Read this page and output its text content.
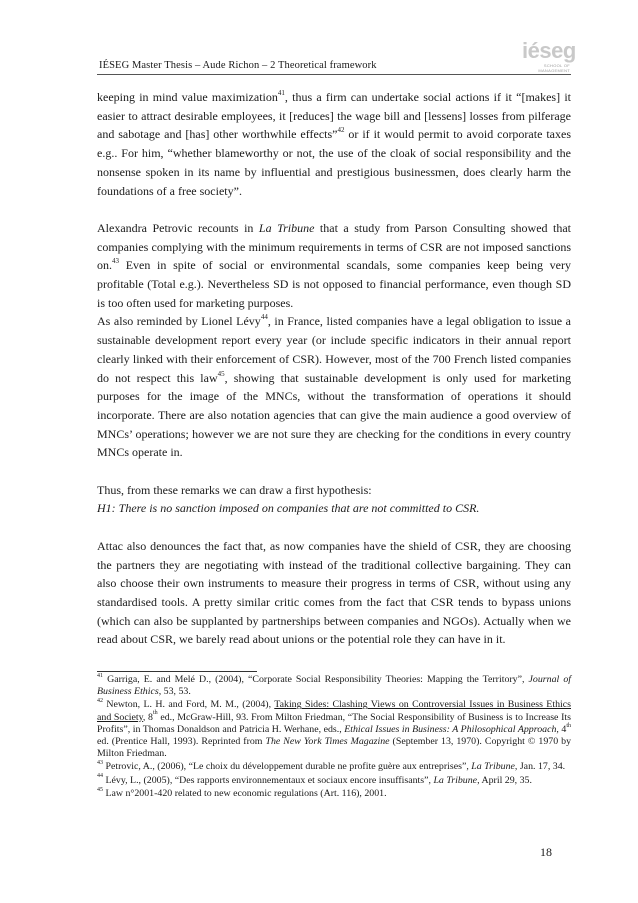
IÉSEG Master Thesis – Aude Richon – 2 Theoretical framework
iéseg
SCHOOL OF MANAGEMENT

keeping in mind value maximization$^{41}$, thus a firm can undertake social actions if it “[makes] it easier to attract desirable employees, it [reduces] the wage bill and [lessens] losses from pilferage and sabotage and [has] other worthwhile effects”$^{42}$ or if it would permit to avoid corporate taxes e.g.. For him, “whether blameworthy or not, the use of the cloak of social responsibility and the nonsense spoken in its name by influential and prestigious businessmen, does clearly harm the foundations of a free society”.

Alexandra Petrovic recounts in La Tribune that a study from Parson Consulting showed that companies complying with the minimum requirements in terms of CSR are not imposed sanctions on.$^{43}$ Even in spite of social or environmental scandals, some companies keep being very profitable (Total e.g.). Nevertheless SD is not opposed to financial performance, even though SD is too often used for marketing purposes.

As also reminded by Lionel Lévy$^{44}$, in France, listed companies have a legal obligation to issue a sustainable development report every year (or include specific indicators in their annual report clearly linked with their enforcement of CSR). However, most of the 700 French listed companies do not respect this law$^{45}$, showing that sustainable development is only used for marketing purposes for the image of the MNCs, without the transformation of operations it should incorporate. There are also notation agencies that can give the main audience a good overview of MNCs’ operations; however we are not sure they are checking for the conditions in every country MNCs operate in.

Thus, from these remarks we can draw a first hypothesis:

H1: There is no sanction imposed on companies that are not committed to CSR.

Attac also denounces the fact that, as now companies have the shield of CSR, they are choosing the partners they are negotiating with instead of the traditional collective bargaining. They can also choose their own instruments to measure their progress in terms of CSR, without using any standardised tools. A pretty similar critic comes from the fact that CSR tends to bypass unions (which can also be supplanted by partnerships between companies and NGOs). Actually when we read about CSR, we barely read about unions or the potential role they can have in it.

$^{41}$ Garriga, E. and Melé D., (2004), “Corporate Social Responsibility Theories: Mapping the Territory”, Journal of Business Ethics, 53, 53.

$^{42}$ Newton, L. H. and Ford, M. M., (2004), Taking Sides: Clashing Views on Controversial Issues in Business Ethics and Society, 8th ed., McGraw-Hill, 93. From Milton Friedman, “The Social Responsibility of Business is to Increase Its Profits”, in Thomas Donaldson and Patricia H. Werhane, eds., Ethical Issues in Business: A Philosophical Approach, 4th ed. (Prentice Hall, 1993). Reprinted from The New York Times Magazine (September 13, 1970). Copyright © 1970 by Milton Friedman.

$^{43}$ Petrovic, A., (2006), “Le choix du développement durable ne profite guère aux entreprises”, La Tribune, Jan. 17, 34.

$^{44}$ Lévy, L., (2005), “Des rapports environnementaux et sociaux encore insuffisants”, La Tribune, April 29, 35.

$^{45}$ Law n°2001-420 related to new economic regulations (Art. 116), 2001.

18
